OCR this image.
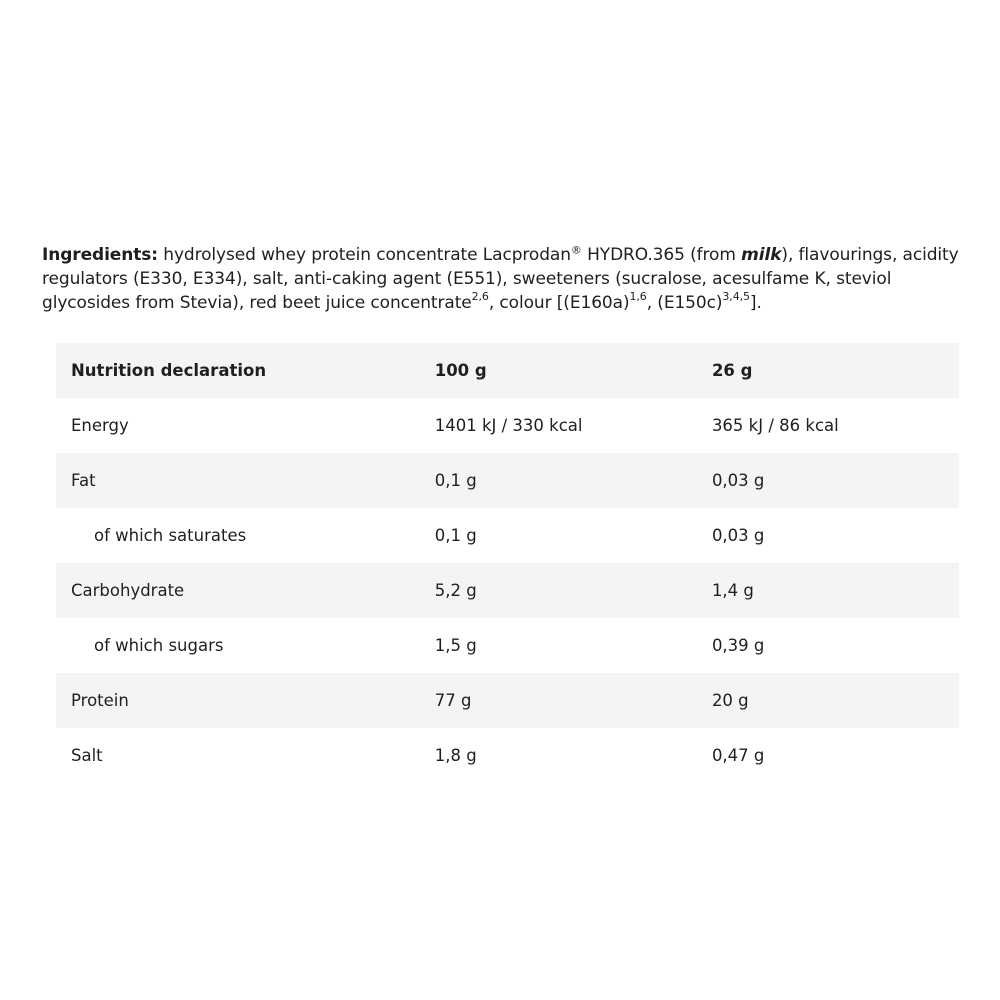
Ingredients: hydrolysed whey protein concentrate Lacprodan® HYDRO.365 (from milk), flavourings, acidity regulators (E330, E334), salt, anti-caking agent (E551), sweeteners (sucralose, acesulfame K, steviol glycosides from Stevia), red beet juice concentrate$^{2,6}$, colour [$(E160a)^{1,6}$, $(E150c)^{3,4,5}$].

Nutrition declaration	100 g	26 g
Energy	1401 kJ / 330 kcal	365 kJ / 86 kcal
Fat	0,1 g	0,03 g
of which saturates	0,1 g	0,03 g
Carbohydrate	5,2 g	1,4 g
of which sugars	1,5 g	0,39 g
Protein	77 g	20 g
Salt	1,8 g	0,47 g
